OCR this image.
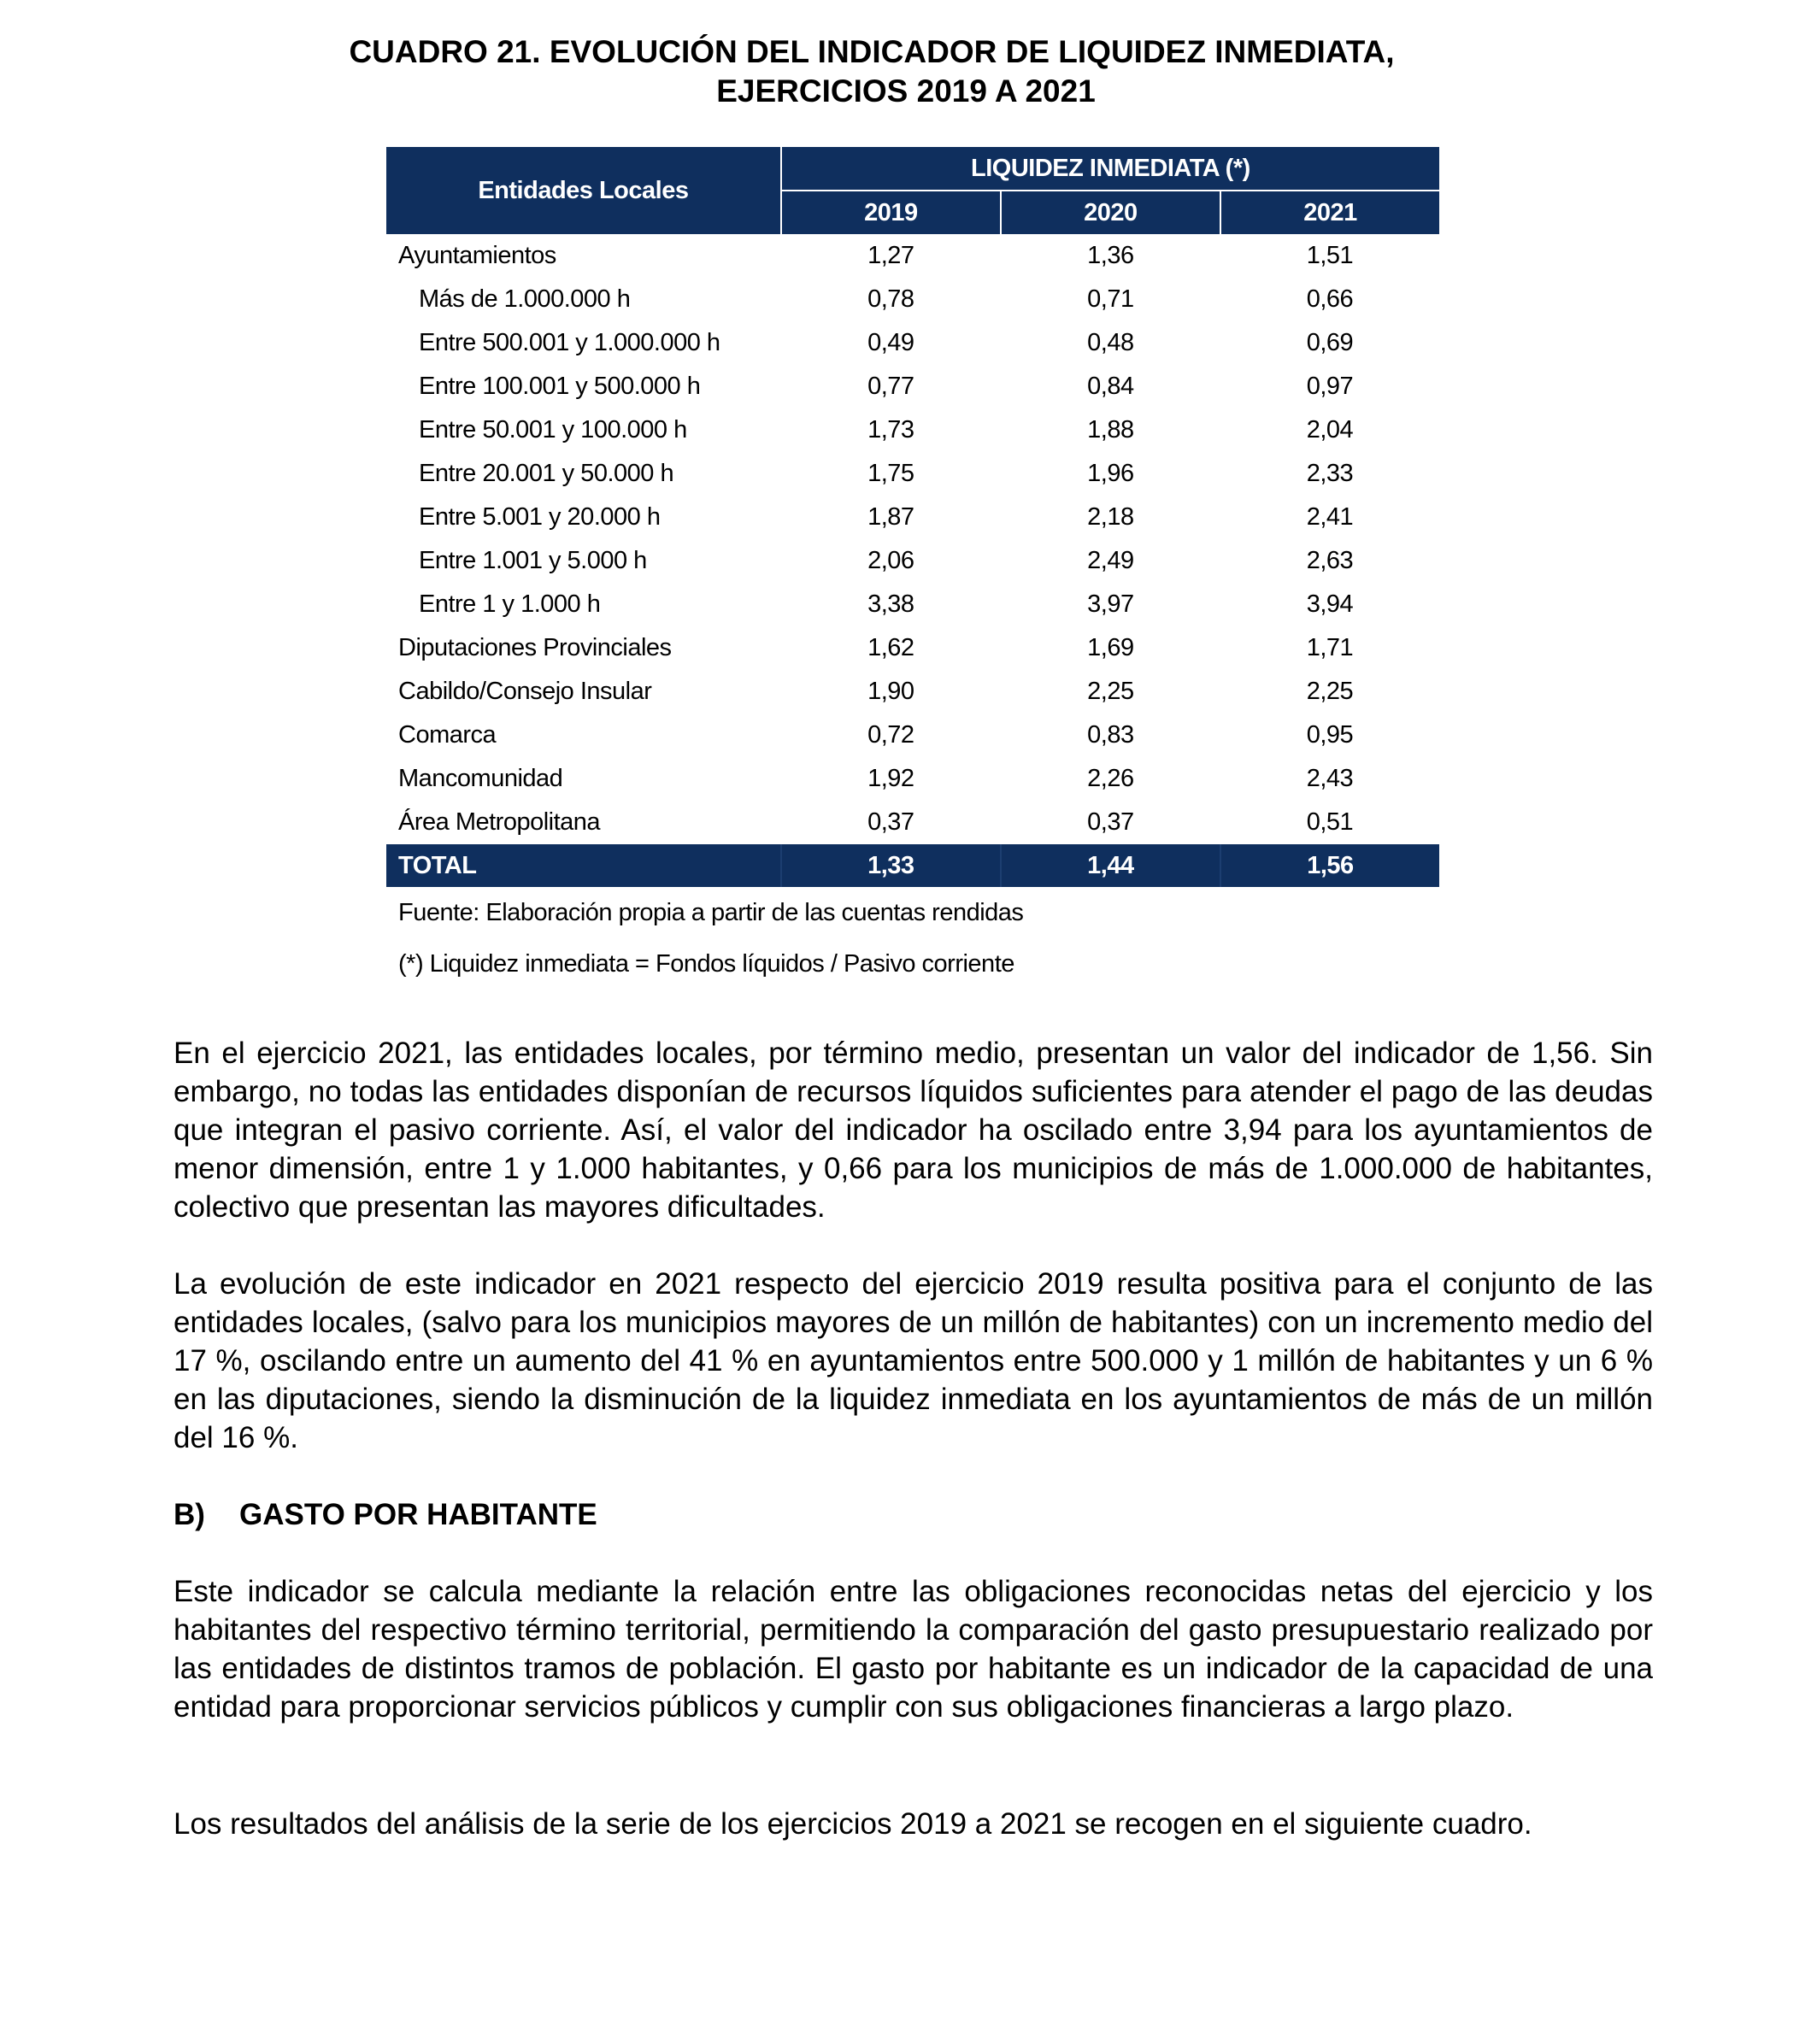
CUADRO 21. EVOLUCIÓN DEL INDICADOR DE LIQUIDEZ INMEDIATA,

EJERCICIOS 2019 A 2021
Entidades Locales	LIQUIDEZ INMEDIATA (*)		
	2019	2020	2021
Ayuntamientos	1,27	1,36	1,51
Más de 1.000.000 h	0,78	0,71	0,66
Entre 500.001 y 1.000.000 h	0,49	0,48	0,69
Entre 100.001 y 500.000 h	0,77	0,84	0,97
Entre 50.001 y 100.000 h	1,73	1,88	2,04
Entre 20.001 y 50.000 h	1,75	1,96	2,33
Entre 5.001 y 20.000 h	1,87	2,18	2,41
Entre 1.001 y 5.000 h	2,06	2,49	2,63
Entre 1 y 1.000 h	3,38	3,97	3,94
Diputaciones Provinciales	1,62	1,69	1,71
Cabildo/Consejo Insular	1,90	2,25	2,25
Comarca	0,72	0,83	0,95
Mancomunidad	1,92	2,26	2,43
Área Metropolitana	0,37	0,37	0,51
TOTAL	1,33	1,44	1,56

Fuente: Elaboración propia a partir de las cuentas rendidas

(*) Liquidez inmediata = Fondos líquidos / Pasivo corriente

En el ejercicio 2021, las entidades locales, por término medio, presentan un valor del indicador de 1,56. Sin embargo, no todas las entidades disponían de recursos líquidos suficientes para atender el pago de las deudas que integran el pasivo corriente. Así, el valor del indicador ha oscilado entre 3,94 para los ayuntamientos de menor dimensión, entre 1 y 1.000 habitantes, y 0,66 para los municipios de más de 1.000.000 de habitantes, colectivo que presentan las mayores dificultades.

La evolución de este indicador en 2021 respecto del ejercicio 2019 resulta positiva para el conjunto de las entidades locales, (salvo para los municipios mayores de un millón de habitantes) con un incremento medio del 17 %, oscilando entre un aumento del 41 % en ayuntamientos entre 500.000 y 1 millón de habitantes y un 6 % en las diputaciones, siendo la disminución de la liquidez inmediata en los ayuntamientos de más de un millón del 16 %.

B) GASTO POR HABITANTE

Este indicador se calcula mediante la relación entre las obligaciones reconocidas netas del ejercicio y los habitantes del respectivo término territorial, permitiendo la comparación del gasto presupuestario realizado por las entidades de distintos tramos de población. El gasto por habitante es un indicador de la capacidad de una entidad para proporcionar servicios públicos y cumplir con sus obligaciones financieras a largo plazo.

Los resultados del análisis de la serie de los ejercicios 2019 a 2021 se recogen en el siguiente cuadro.
